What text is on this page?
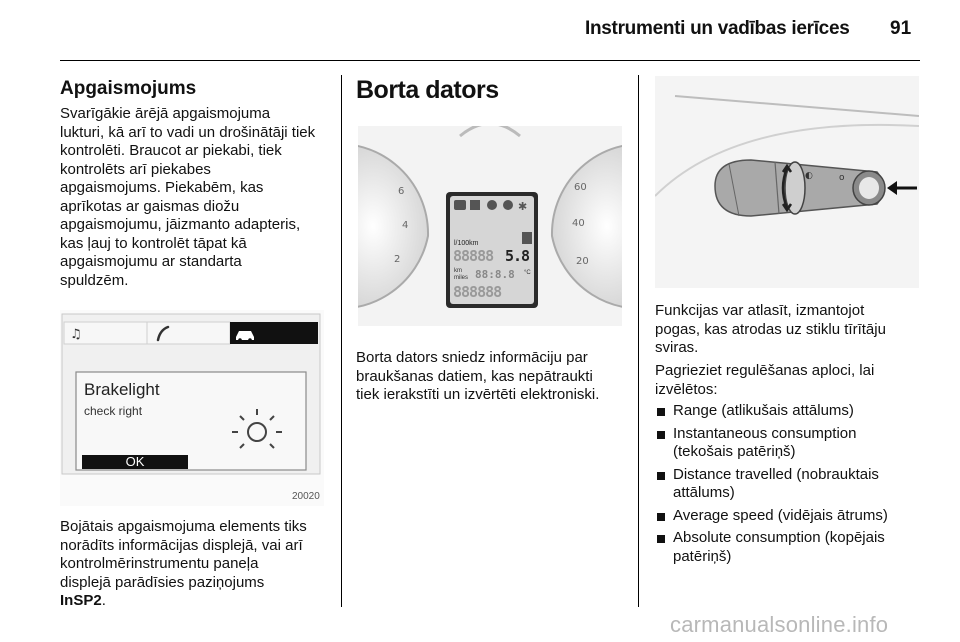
Instrumenti un vadības ierīces 91
Apgaismojums
Svarīgākie ārējā apgaismojuma
lukturi, kā arī to vadi un drošinātāji tiek
kontrolēti. Braucot ar piekabi, tiek
kontrolēts arī piekabes
apgaismojums. Piekabēm, kas
aprīkotas ar gaismas diožu
apgaismojumu, jāizmanto adapteris,
kas ļauj to kontrolēt tāpat kā
apgaismojumu ar standarta
spuldzēm.
♫
Brakelight
check right
OK
20020
Bojātais apgaismojuma elements tiks
norādīts informācijas displejā, vai arī
kontrolmērinstrumentu paneļa
displejā parādīsies paziņojums
InSP2.
Borta dators
6
4
2
60
40
20
✱
l/100km
88888 5.8
km
miles 88:8.8 °C
888888
Borta dators sniedz informāciju par
braukšanas datiem, kas nepātraukti
tiek ierakstīti un izvērtēti elektroniski.
◐	o
Funkcijas var atlasīt, izmantojot
pogas, kas atrodas uz stiklu tīrītāju
sviras.
Pagrieziet regulēšanas aploci, lai
izvēlētos:
Range (atlikušais attālums)
Instantaneous consumption
(tekošais patēriņš)
Distance travelled (nobrauktais
attālums)
Average speed (vidējais ātrums)
Absolute consumption (kopējais
patēriņš)
carmanualsonline.info
